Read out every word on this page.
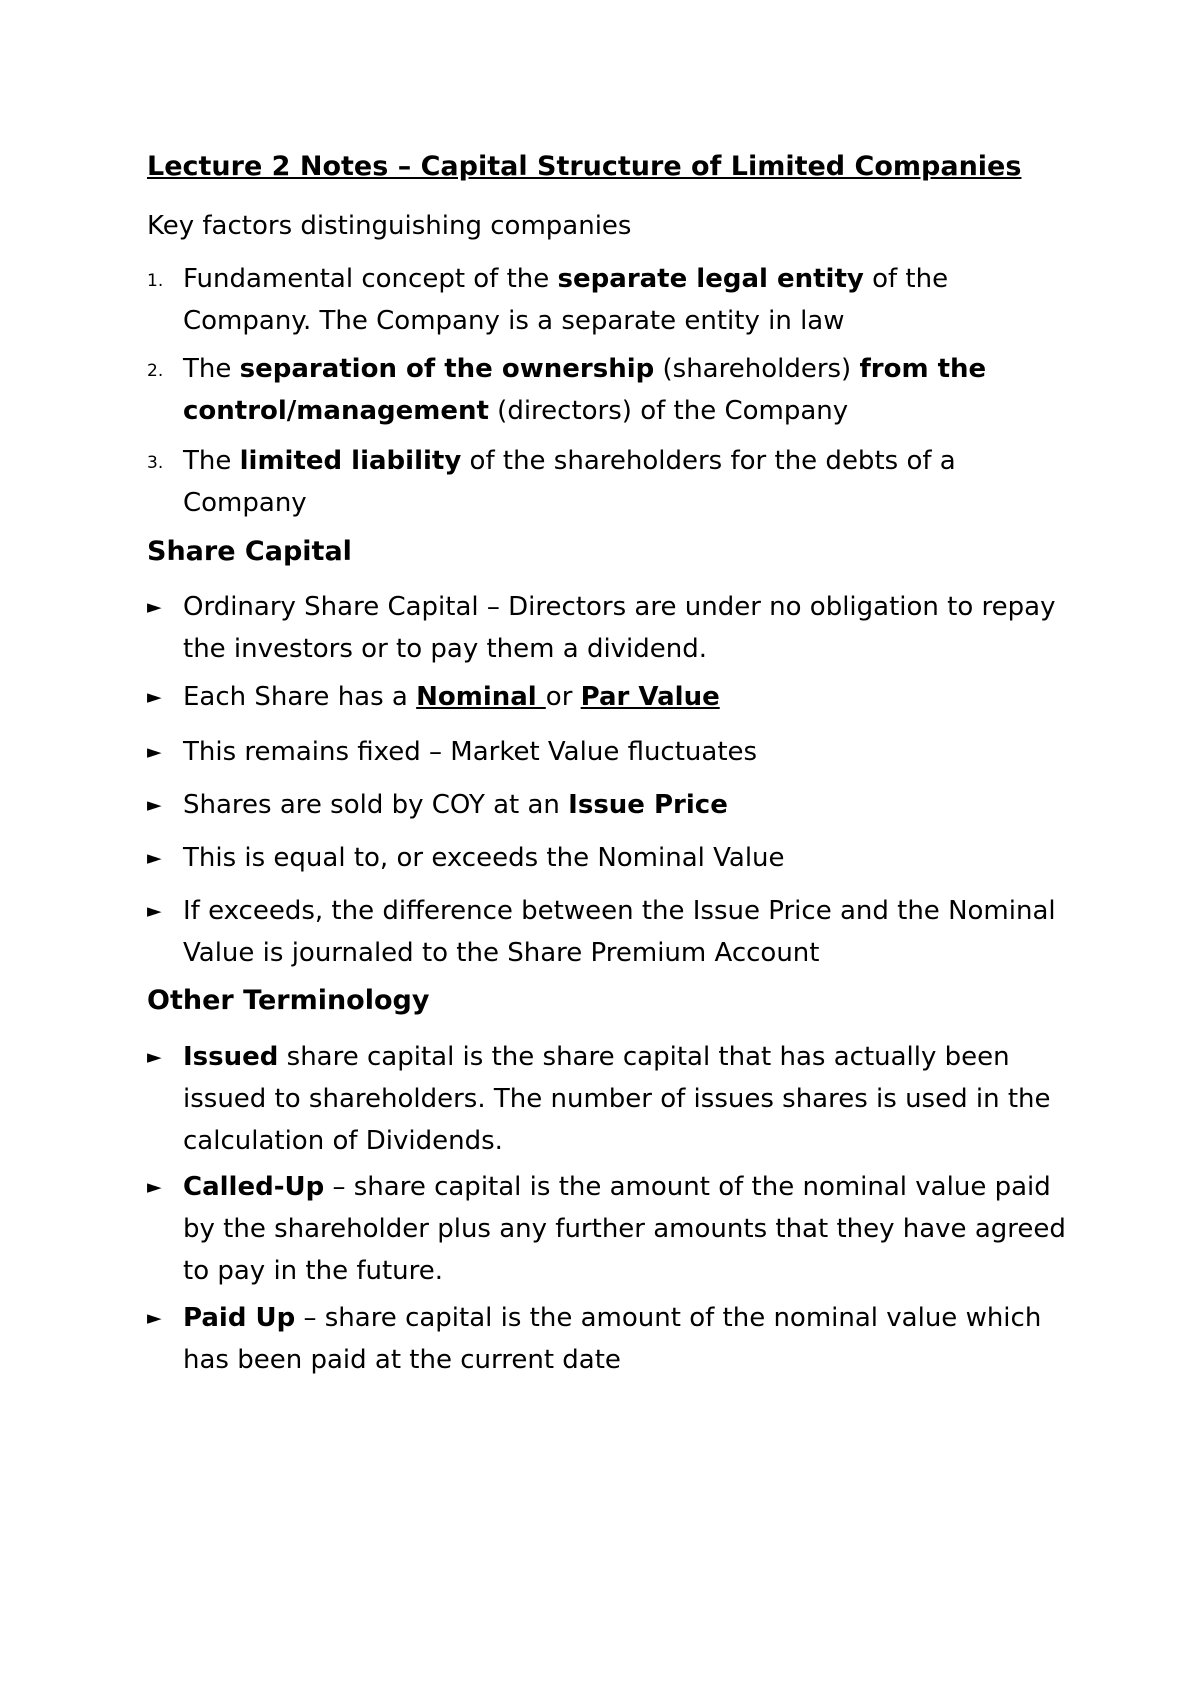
Lecture 2 Notes – Capital Structure of Limited Companies
Key factors distinguishing companies
1. Fundamental concept of the separate legal entity of the Company. The Company is a separate entity in law
2. The separation of the ownership (shareholders) from the control/management (directors) of the Company
3. The limited liability of the shareholders for the debts of a Company
Share Capital
► Ordinary Share Capital – Directors are under no obligation to repay the investors or to pay them a dividend.
► Each Share has a Nominal or Par Value
► This remains fixed – Market Value fluctuates
► Shares are sold by COY at an Issue Price
► This is equal to, or exceeds the Nominal Value
► If exceeds, the difference between the Issue Price and the Nominal Value is journaled to the Share Premium Account
Other Terminology
► Issued share capital is the share capital that has actually been issued to shareholders. The number of issues shares is used in the calculation of Dividends.
► Called-Up – share capital is the amount of the nominal value paid by the shareholder plus any further amounts that they have agreed to pay in the future.
► Paid Up – share capital is the amount of the nominal value which has been paid at the current date
